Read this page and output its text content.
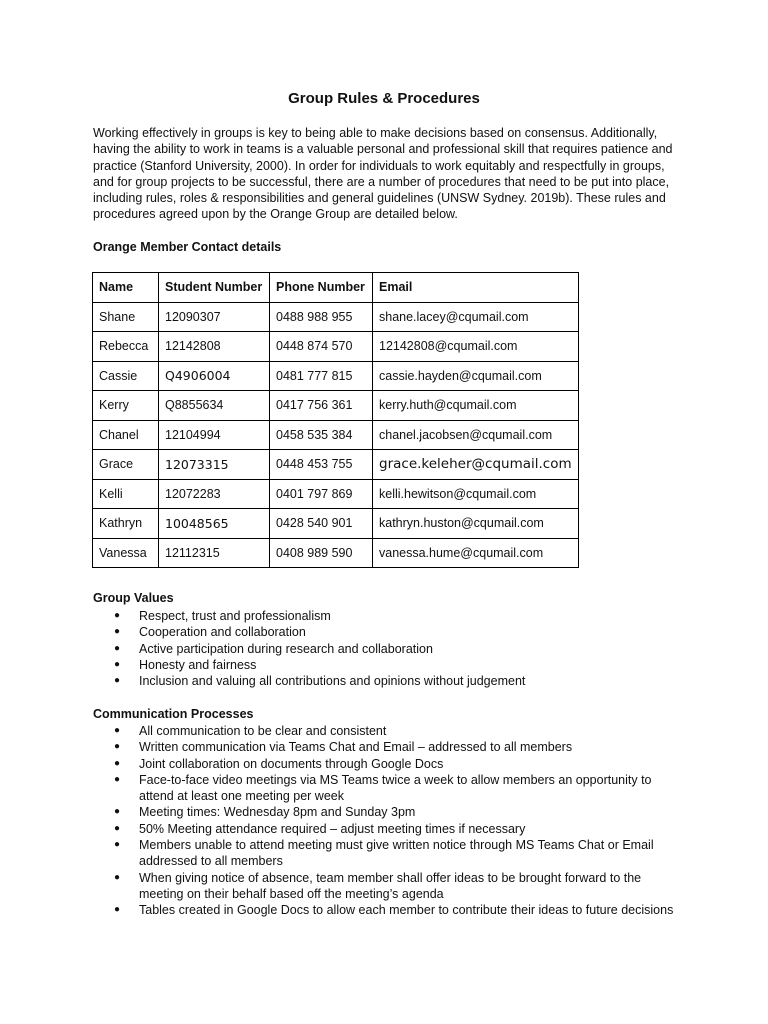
Group Rules & Procedures

Working effectively in groups is key to being able to make decisions based on consensus. Additionally, having the ability to work in teams is a valuable personal and professional skill that requires patience and practice (Stanford University, 2000). In order for individuals to work equitably and respectfully in groups, and for group projects to be successful, there are a number of procedures that need to be put into place, including rules, roles & responsibilities and general guidelines (UNSW Sydney. 2019b). These rules and procedures agreed upon by the Orange Group are detailed below.

Orange Member Contact details
Name	Student Number	Phone Number	Email
Shane	12090307	0488 988 955	shane.lacey@cqumail.com
Rebecca	12142808	0448 874 570	12142808@cqumail.com
Cassie	Q4906004	0481 777 815	cassie.hayden@cqumail.com
Kerry	Q8855634	0417 756 361	kerry.huth@cqumail.com
Chanel	12104994	0458 535 384	chanel.jacobsen@cqumail.com
Grace	12073315	0448 453 755	grace.keleher@cqumail.com
Kelli	12072283	0401 797 869	kelli.hewitson@cqumail.com
Kathryn	10048565	0428 540 901	kathryn.huston@cqumail.com
Vanessa	12112315	0408 989 590	vanessa.hume@cqumail.com
Group Values
● Respect, trust and professionalism
● Cooperation and collaboration
● Active participation during research and collaboration
● Honesty and fairness
● Inclusion and valuing all contributions and opinions without judgement
Communication Processes
● All communication to be clear and consistent
● Written communication via Teams Chat and Email – addressed to all members
● Joint collaboration on documents through Google Docs
● Face-to-face video meetings via MS Teams twice a week to allow members an opportunity to attend at least one meeting per week
● Meeting times: Wednesday 8pm and Sunday 3pm
● 50% Meeting attendance required – adjust meeting times if necessary
● Members unable to attend meeting must give written notice through MS Teams Chat or Email addressed to all members
● When giving notice of absence, team member shall offer ideas to be brought forward to the meeting on their behalf based off the meeting’s agenda
● Tables created in Google Docs to allow each member to contribute their ideas to future decisions
